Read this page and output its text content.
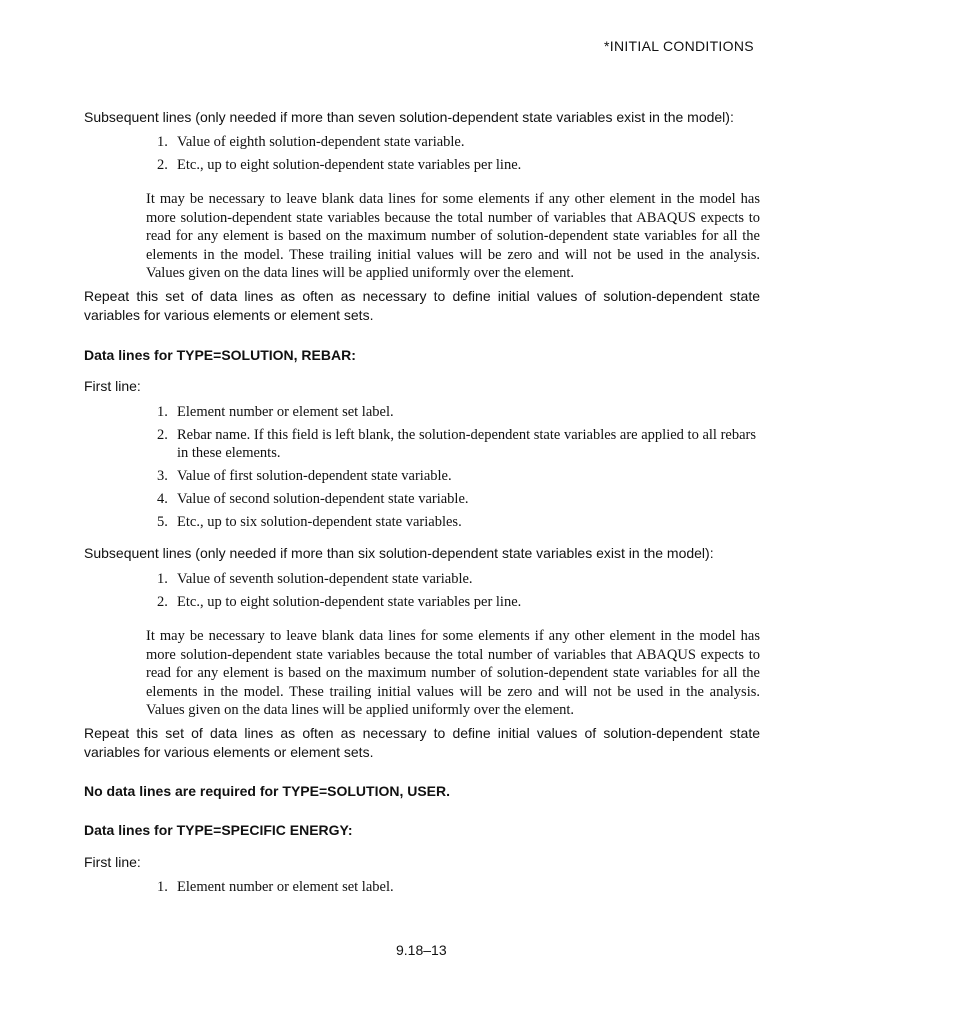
*INITIAL CONDITIONS
Subsequent lines (only needed if more than seven solution-dependent state variables exist in the model):
1. Value of eighth solution-dependent state variable.
2. Etc., up to eight solution-dependent state variables per line.
It may be necessary to leave blank data lines for some elements if any other element in the model has more solution-dependent state variables because the total number of variables that ABAQUS expects to read for any element is based on the maximum number of solution-dependent state variables for all the elements in the model. These trailing initial values will be zero and will not be used in the analysis. Values given on the data lines will be applied uniformly over the element.
Repeat this set of data lines as often as necessary to define initial values of solution-dependent state variables for various elements or element sets.
Data lines for TYPE=SOLUTION, REBAR:
First line:
1. Element number or element set label.
2. Rebar name. If this field is left blank, the solution-dependent state variables are applied to all rebars in these elements.
3. Value of first solution-dependent state variable.
4. Value of second solution-dependent state variable.
5. Etc., up to six solution-dependent state variables.
Subsequent lines (only needed if more than six solution-dependent state variables exist in the model):
1. Value of seventh solution-dependent state variable.
2. Etc., up to eight solution-dependent state variables per line.
It may be necessary to leave blank data lines for some elements if any other element in the model has more solution-dependent state variables because the total number of variables that ABAQUS expects to read for any element is based on the maximum number of solution-dependent state variables for all the elements in the model. These trailing initial values will be zero and will not be used in the analysis. Values given on the data lines will be applied uniformly over the element.
Repeat this set of data lines as often as necessary to define initial values of solution-dependent state variables for various elements or element sets.
No data lines are required for TYPE=SOLUTION, USER.
Data lines for TYPE=SPECIFIC ENERGY:
First line:
1. Element number or element set label.
9.18–13
